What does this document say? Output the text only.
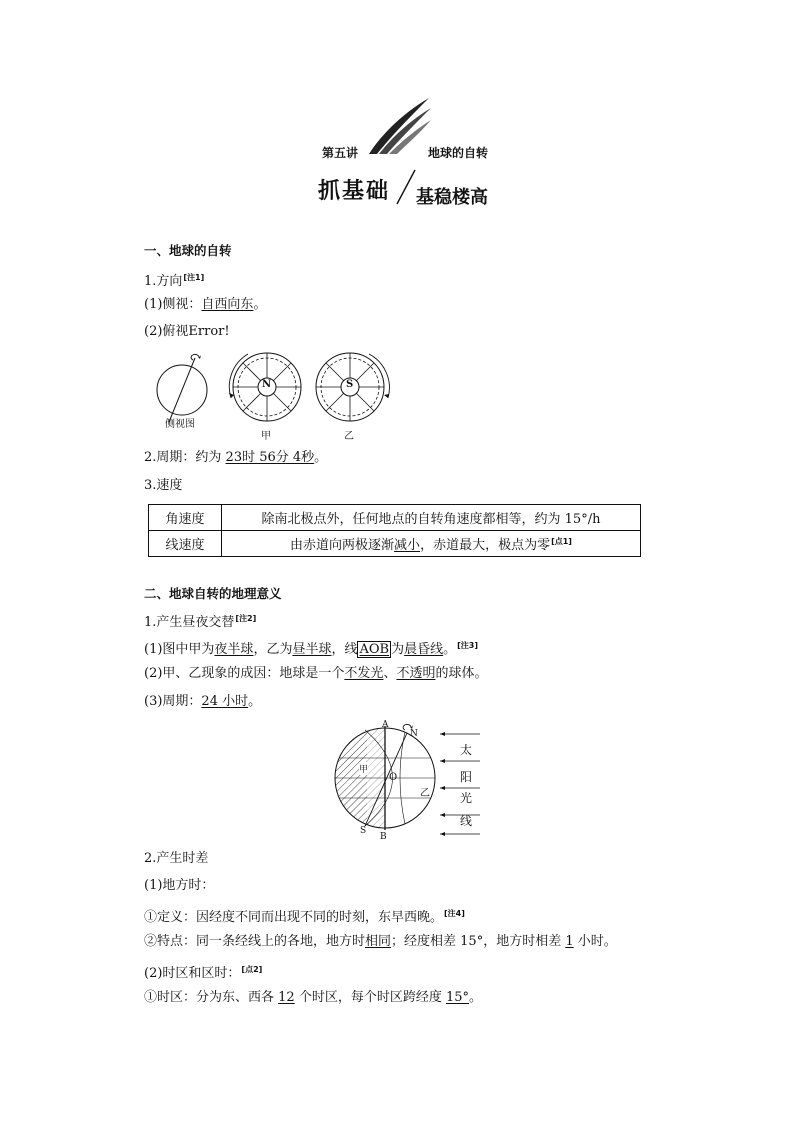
第五讲	地球的自转
抓基础 基稳楼高
一、地球的自转
1.方向[注1]
(1)侧视：自西向东。
(2)俯视Error!
N	S
侧视图
甲	乙
2.周期：约为 23时 56分 4秒。
3.速度
角速度	除南北极点外，任何地点的自转角速度都相等，约为 15°/h
线速度	由赤道向两极逐渐减小，赤道最大，极点为零[点1]
二、地球自转的地理意义
1.产生昼夜交替[注2]
(1)图中甲为夜半球，乙为昼半球，线 AOB 为晨昏线。[注3]
(2)甲、乙现象的成因：地球是一个不发光、不透明的球体。
(3)周期：24 小时。
A
N
O
S
B
甲
乙
太
阳
光
线
2.产生时差
(1)地方时：
①定义：因经度不同而出现不同的时刻，东早西晚。[注4]
②特点：同一条经线上的各地，地方时相同；经度相差 15°，地方时相差 1 小时。
(2)时区和区时：[点2]
①时区：分为东、西各 12 个时区，每个时区跨经度 15°。
